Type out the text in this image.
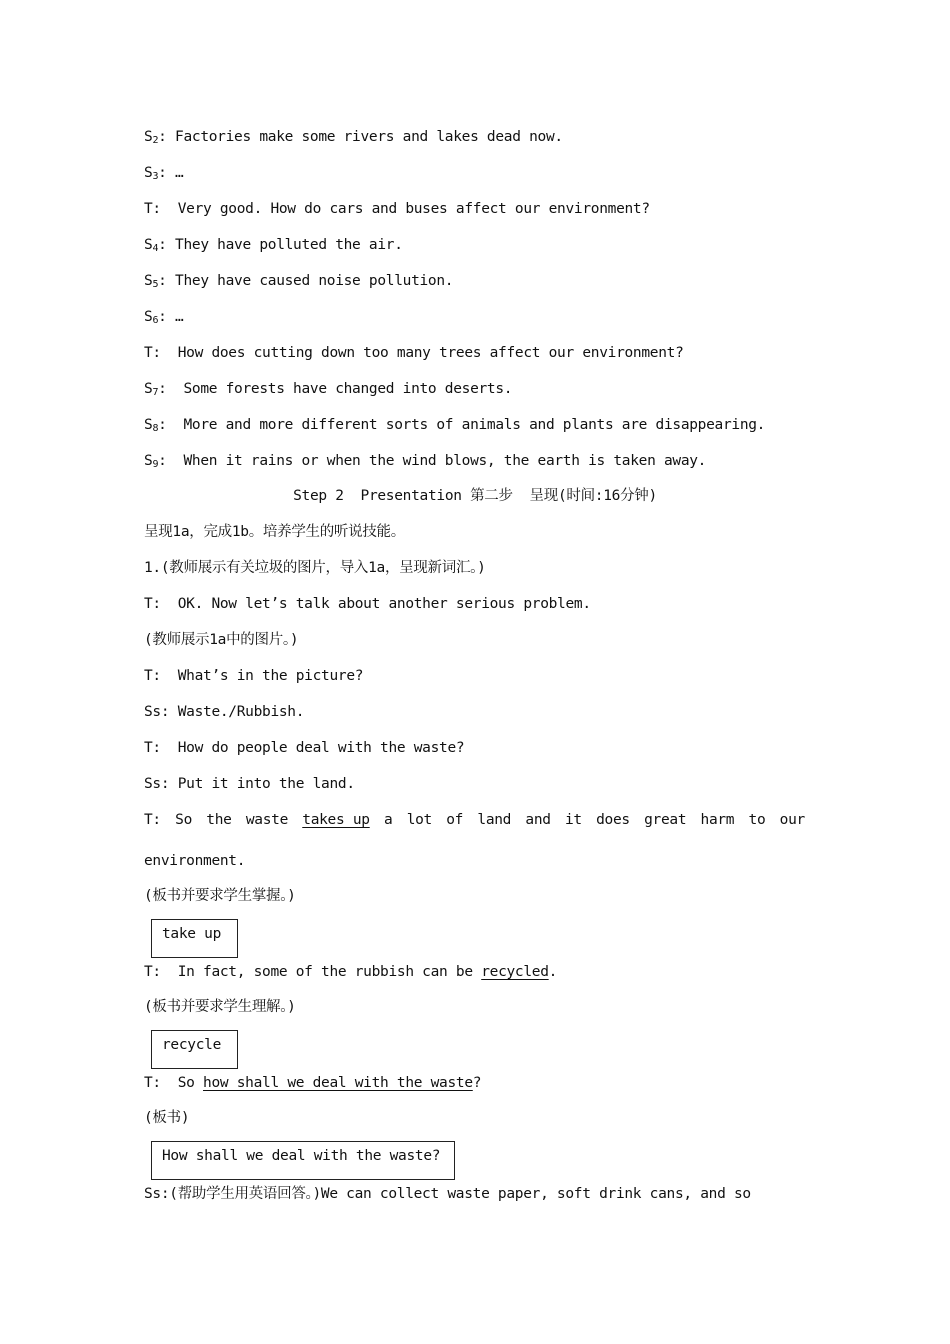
$S_2$: Factories make some rivers and lakes dead now.
$S_3$: …
T:  Very good. How do cars and buses affect our environment?
$S_4$: They have polluted the air.
$S_5$: They have caused noise pollution.
$S_6$: …
T:  How does cutting down too many trees affect our environment?
$S_7$:  Some forests have changed into deserts.
$S_8$:  More and more different sorts of animals and plants are disappearing.
$S_9$:  When it rains or when the wind blows, the earth is taken away.
Step 2  Presentation 第二步  呈现(时间:16分钟)
呈现1a，完成1b。培养学生的听说技能。
1.(教师展示有关垃圾的图片，导入1a，呈现新词汇。)
T:  OK. Now let’s talk about another serious problem.
(教师展示1a中的图片。)
T:  What’s in the picture?
Ss: Waste./Rubbish.
T:  How do people deal with the waste?
Ss: Put it into the land.
T: So the waste takes up a lot of land and it does great harm to our
environment.
(板书并要求学生掌握。)
take up
T:  In fact, some of the rubbish can be recycled.
(板书并要求学生理解。)
recycle
T:  So how shall we deal with the waste?
(板书)
How shall we deal with the waste?
Ss:(帮助学生用英语回答。)We can collect waste paper, soft drink cans, and so
